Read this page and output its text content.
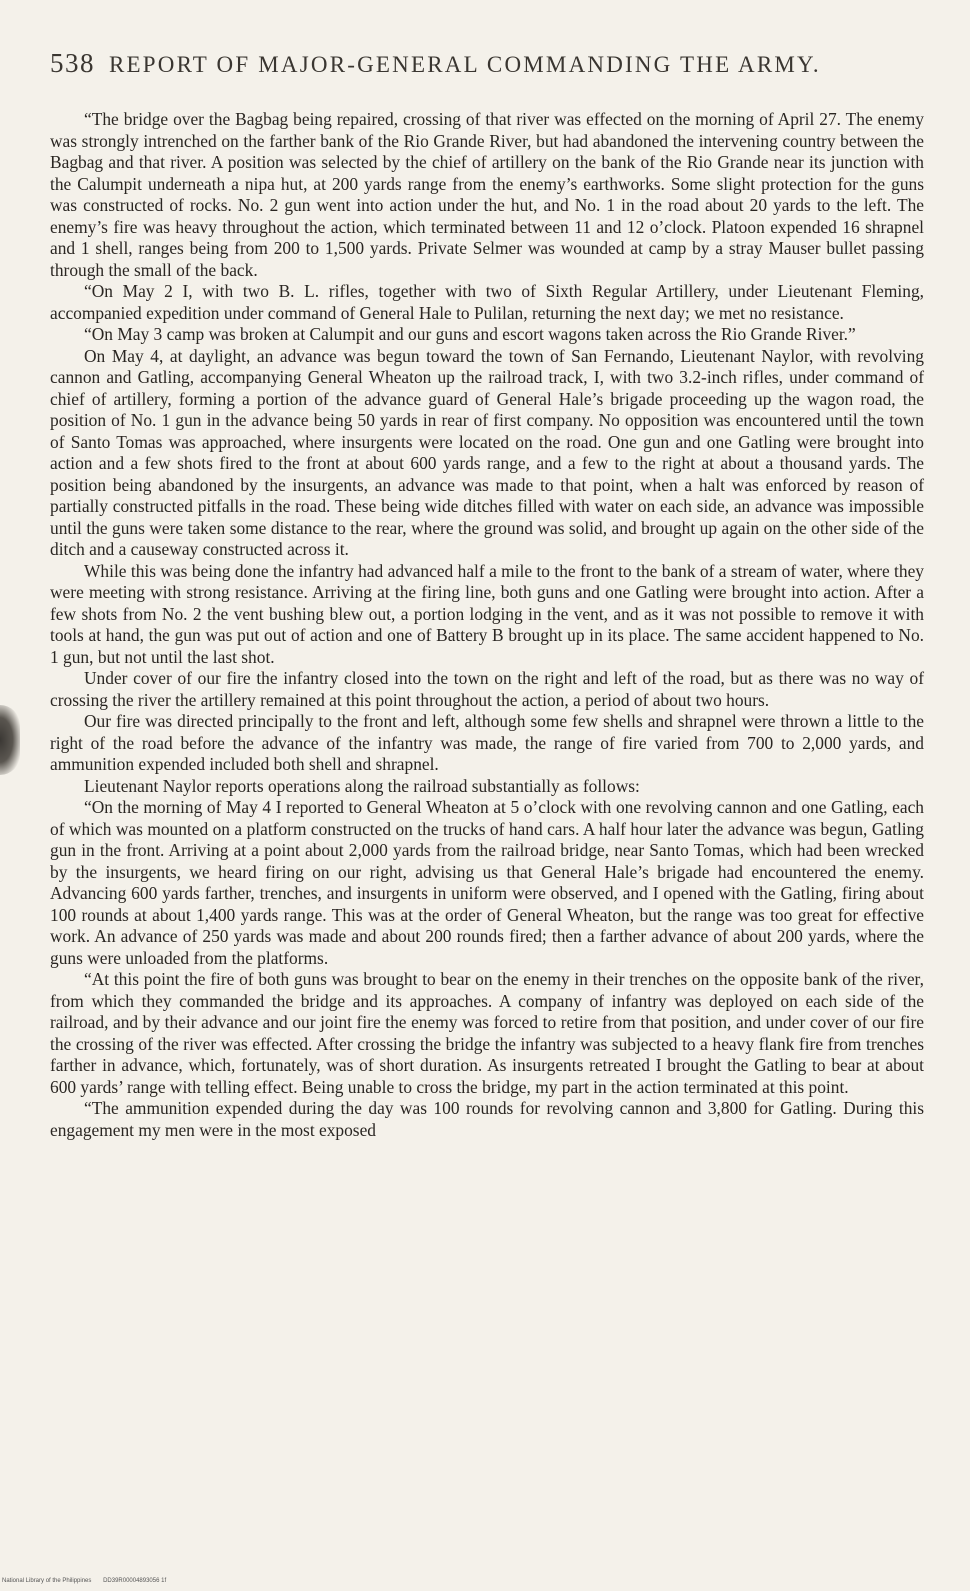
538 REPORT OF MAJOR-GENERAL COMMANDING THE ARMY.

“The bridge over the Bagbag being repaired, crossing of that river was effected on the morning of April 27. The enemy was strongly intrenched on the farther bank of the Rio Grande River, but had abandoned the intervening country between the Bagbag and that river. A position was selected by the chief of artillery on the bank of the Rio Grande near its junction with the Calumpit underneath a nipa hut, at 200 yards range from the enemy’s earthworks. Some slight protection for the guns was constructed of rocks. No. 2 gun went into action under the hut, and No. 1 in the road about 20 yards to the left. The enemy’s fire was heavy throughout the action, which terminated between 11 and 12 o’clock. Platoon expended 16 shrapnel and 1 shell, ranges being from 200 to 1,500 yards. Private Selmer was wounded at camp by a stray Mauser bullet passing through the small of the back.

“On May 2 I, with two B. L. rifles, together with two of Sixth Regular Artillery, under Lieutenant Fleming, accompanied expedition under command of General Hale to Pulilan, returning the next day; we met no resistance.

“On May 3 camp was broken at Calumpit and our guns and escort wagons taken across the Rio Grande River.”

On May 4, at daylight, an advance was begun toward the town of San Fernando, Lieutenant Naylor, with revolving cannon and Gatling, accompanying General Wheaton up the railroad track, I, with two 3.2-inch rifles, under command of chief of artillery, forming a portion of the advance guard of General Hale’s brigade proceeding up the wagon road, the position of No. 1 gun in the advance being 50 yards in rear of first company. No opposition was encountered until the town of Santo Tomas was approached, where insurgents were located on the road. One gun and one Gatling were brought into action and a few shots fired to the front at about 600 yards range, and a few to the right at about a thousand yards. The position being abandoned by the insurgents, an advance was made to that point, when a halt was enforced by reason of partially constructed pitfalls in the road. These being wide ditches filled with water on each side, an advance was impossible until the guns were taken some distance to the rear, where the ground was solid, and brought up again on the other side of the ditch and a causeway constructed across it.

While this was being done the infantry had advanced half a mile to the front to the bank of a stream of water, where they were meeting with strong resistance. Arriving at the firing line, both guns and one Gatling were brought into action. After a few shots from No. 2 the vent bushing blew out, a portion lodging in the vent, and as it was not possible to remove it with tools at hand, the gun was put out of action and one of Battery B brought up in its place. The same accident happened to No. 1 gun, but not until the last shot.

Under cover of our fire the infantry closed into the town on the right and left of the road, but as there was no way of crossing the river the artillery remained at this point throughout the action, a period of about two hours.

Our fire was directed principally to the front and left, although some few shells and shrapnel were thrown a little to the right of the road before the advance of the infantry was made, the range of fire varied from 700 to 2,000 yards, and ammunition expended included both shell and shrapnel.

Lieutenant Naylor reports operations along the railroad substantially as follows:

“On the morning of May 4 I reported to General Wheaton at 5 o’clock with one revolving cannon and one Gatling, each of which was mounted on a platform constructed on the trucks of hand cars. A half hour later the advance was begun, Gatling gun in the front. Arriving at a point about 2,000 yards from the railroad bridge, near Santo Tomas, which had been wrecked by the insurgents, we heard firing on our right, advising us that General Hale’s brigade had encountered the enemy. Advancing 600 yards farther, trenches, and insurgents in uniform were observed, and I opened with the Gatling, firing about 100 rounds at about 1,400 yards range. This was at the order of General Wheaton, but the range was too great for effective work. An advance of 250 yards was made and about 200 rounds fired; then a farther advance of about 200 yards, where the guns were unloaded from the platforms.

“At this point the fire of both guns was brought to bear on the enemy in their trenches on the opposite bank of the river, from which they commanded the bridge and its approaches. A company of infantry was deployed on each side of the railroad, and by their advance and our joint fire the enemy was forced to retire from that position, and under cover of our fire the crossing of the river was effected. After crossing the bridge the infantry was subjected to a heavy flank fire from trenches farther in advance, which, fortunately, was of short duration. As insurgents retreated I brought the Gatling to bear at about 600 yards’ range with telling effect. Being unable to cross the bridge, my part in the action terminated at this point.

“The ammunition expended during the day was 100 rounds for revolving cannon and 3,800 for Gatling. During this engagement my men were in the most exposed

National Library of the Philippines DD39R00004893056 1f
